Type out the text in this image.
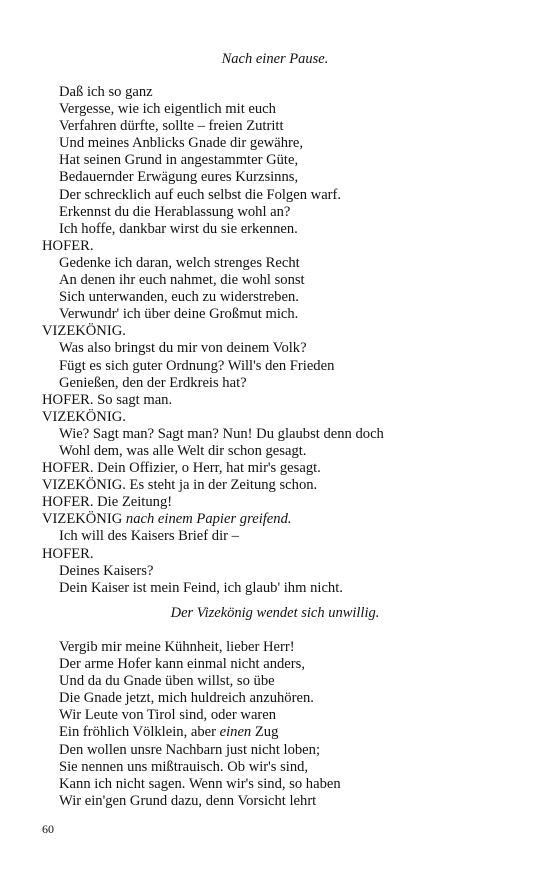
Nach einer Pause.
Daß ich so ganz
Vergesse, wie ich eigentlich mit euch
Verfahren dürfte, sollte – freien Zutritt
Und meines Anblicks Gnade dir gewähre,
Hat seinen Grund in angestammter Güte,
Bedauernder Erwägung eures Kurzsinns,
Der schrecklich auf euch selbst die Folgen warf.
Erkennst du die Herablassung wohl an?
Ich hoffe, dankbar wirst du sie erkennen.
HOFER.
Gedenke ich daran, welch strenges Recht
An denen ihr euch nahmet, die wohl sonst
Sich unterwanden, euch zu widerstreben.
Verwundr' ich über deine Großmut mich.
VIZEKÖNIG.
Was also bringst du mir von deinem Volk?
Fügt es sich guter Ordnung? Will's den Frieden
Genießen, den der Erdkreis hat?
HOFER. So sagt man.
VIZEKÖNIG.
Wie? Sagt man? Sagt man? Nun! Du glaubst denn doch
Wohl dem, was alle Welt dir schon gesagt.
HOFER. Dein Offizier, o Herr, hat mir's gesagt.
VIZEKÖNIG. Es steht ja in der Zeitung schon.
HOFER. Die Zeitung!
VIZEKÖNIG nach einem Papier greifend.
Ich will des Kaisers Brief dir –
HOFER.
Deines Kaisers?
Dein Kaiser ist mein Feind, ich glaub' ihm nicht.
Der Vizekönig wendet sich unwillig.
Vergib mir meine Kühnheit, lieber Herr!
Der arme Hofer kann einmal nicht anders,
Und da du Gnade üben willst, so übe
Die Gnade jetzt, mich huldreich anzuhören.
Wir Leute von Tirol sind, oder waren
Ein fröhlich Völklein, aber einen Zug
Den wollen unsre Nachbarn just nicht loben;
Sie nennen uns mißtrauisch. Ob wir's sind,
Kann ich nicht sagen. Wenn wir's sind, so haben
Wir ein'gen Grund dazu, denn Vorsicht lehrt
60
